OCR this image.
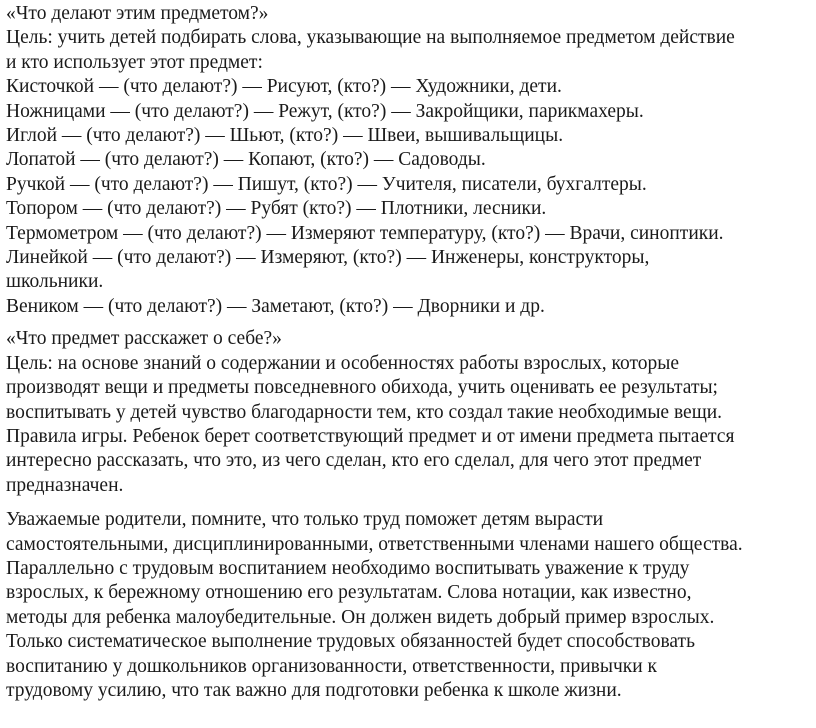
«Что делают этим предметом?»
Цель: учить детей подбирать слова, указывающие на выполняемое предметом действие
и кто использует этот предмет:
Кисточкой — (что делают?) — Рисуют, (кто?) — Художники, дети.
Ножницами — (что делают?) — Режут, (кто?) — Закройщики, парикмахеры.
Иглой — (что делают?) — Шьют, (кто?) — Швеи, вышивальщицы.
Лопатой — (что делают?) — Копают, (кто?) — Садоводы.
Ручкой — (что делают?) — Пишут, (кто?) — Учителя, писатели, бухгалтеры.
Топором — (что делают?) — Рубят (кто?) — Плотники, лесники.
Термометром — (что делают?) — Измеряют температуру, (кто?) — Врачи, синоптики.
Линейкой — (что делают?) — Измеряют, (кто?) — Инженеры, конструкторы,
школьники.
Веником — (что делают?) — Заметают, (кто?) — Дворники и др.
«Что предмет расскажет о себе?»
Цель: на основе знаний о содержании и особенностях работы взрослых, которые
производят вещи и предметы повседневного обихода, учить оценивать ее результаты;
воспитывать у детей чувство благодарности тем, кто создал такие необходимые вещи.
Правила игры. Ребенок берет соответствующий предмет и от имени предмета пытается
интересно рассказать, что это, из чего сделан, кто его сделал, для чего этот предмет
предназначен.
Уважаемые родители, помните, что только труд поможет детям вырасти
самостоятельными, дисциплинированными, ответственными членами нашего общества.
Параллельно с трудовым воспитанием необходимо воспитывать уважение к труду
взрослых, к бережному отношению его результатам. Слова нотации, как известно,
методы для ребенка малоубедительные. Он должен видеть добрый пример взрослых.
Только систематическое выполнение трудовых обязанностей будет способствовать
воспитанию у дошкольников организованности, ответственности, привычки к
трудовому усилию, что так важно для подготовки ребенка к школе жизни.
